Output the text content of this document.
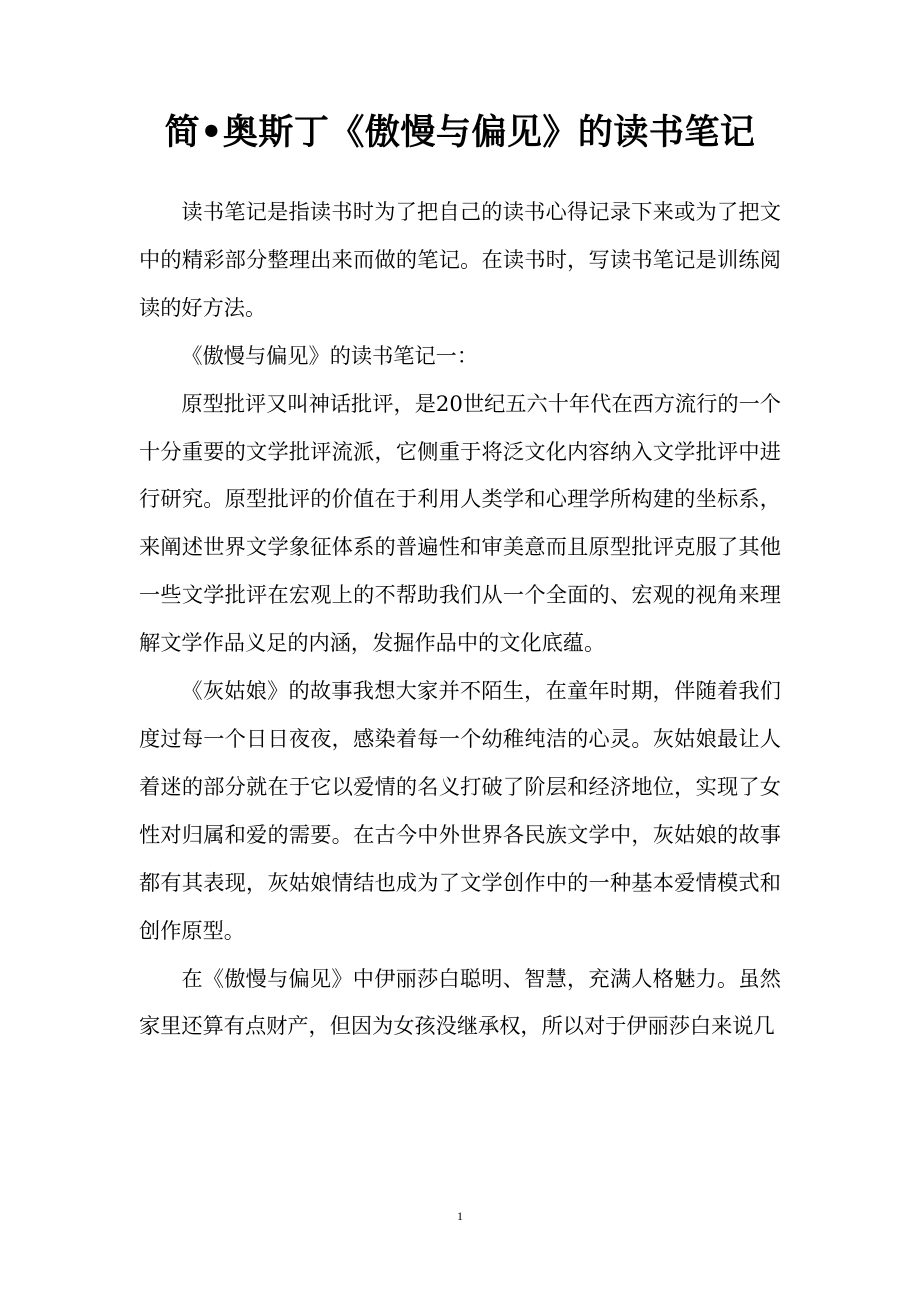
简•奥斯丁《傲慢与偏见》的读书笔记

读书笔记是指读书时为了把自己的读书心得记录下来或为了把文中的精彩部分整理出来而做的笔记。在读书时，写读书笔记是训练阅读的好方法。

《傲慢与偏见》的读书笔记一：

原型批评又叫神话批评，是20世纪五六十年代在西方流行的一个十分重要的文学批评流派，它侧重于将泛文化内容纳入文学批评中进行研究。原型批评的价值在于利用人类学和心理学所构建的坐标系，来阐述世界文学象征体系的普遍性和审美意而且原型批评克服了其他一些文学批评在宏观上的不帮助我们从一个全面的、宏观的视角来理解文学作品义足的内涵，发掘作品中的文化底蕴。

《灰姑娘》的故事我想大家并不陌生，在童年时期，伴随着我们度过每一个日日夜夜，感染着每一个幼稚纯洁的心灵。灰姑娘最让人着迷的部分就在于它以爱情的名义打破了阶层和经济地位，实现了女性对归属和爱的需要。在古今中外世界各民族文学中，灰姑娘的故事都有其表现，灰姑娘情结也成为了文学创作中的一种基本爱情模式和创作原型。

在《傲慢与偏见》中伊丽莎白聪明、智慧，充满人格魅力。虽然家里还算有点财产，但因为女孩没继承权，所以对于伊丽莎白来说几

1
